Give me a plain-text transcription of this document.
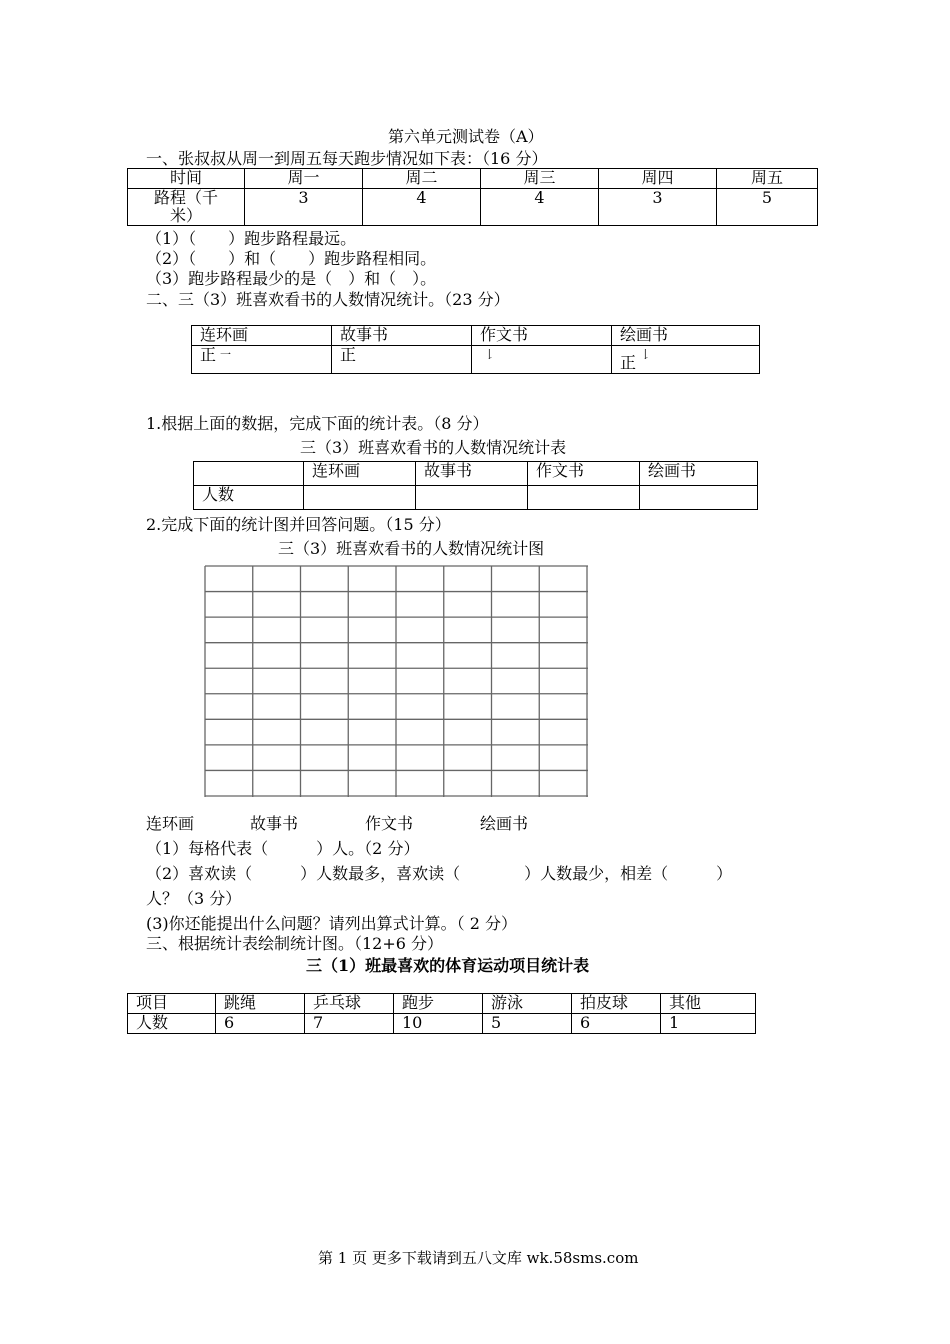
第六单元测试卷（A）
一、张叔叔从周一到周五每天跑步情况如下表：（16 分）
时间	周一	周二	周三	周四	周五

路程（千
米）	3	4	4	3	5
（1）（　　）跑步路程最远。
（2）（　　）和（　　）跑步路程相同。
（3）跑步路程最少的是（　）和（　）。
二、三（3）班喜欢看书的人数情况统计。（23 分）
连环画	故事书	作文书	绘画书
正 一	正	𠄌	正 𠄌
1.根据上面的数据，完成下面的统计表。（8 分）
三（3）班喜欢看书的人数情况统计表
	连环画	故事书	作文书	绘画书
人数				
2.完成下面的统计图并回答问题。（15 分）
三（3）班喜欢看书的人数情况统计图
连环画	故事书	作文书	绘画书
（1）每格代表（　　　）人。（2 分）
（2）喜欢读（　　　）人数最多，喜欢读（　　　　）人数最少，相差（　　　）
人？（3 分）
(3)你还能提出什么问题？请列出算式计算。（ 2 分）
三、根据统计表绘制统计图。（12+6 分）
三（1）班最喜欢的体育运动项目统计表
项目	跳绳	乒乓球	跑步	游泳	拍皮球	其他
人数	6	7	10	5	6	1
第 1 页 更多下载请到五八文库 wk.58sms.com
